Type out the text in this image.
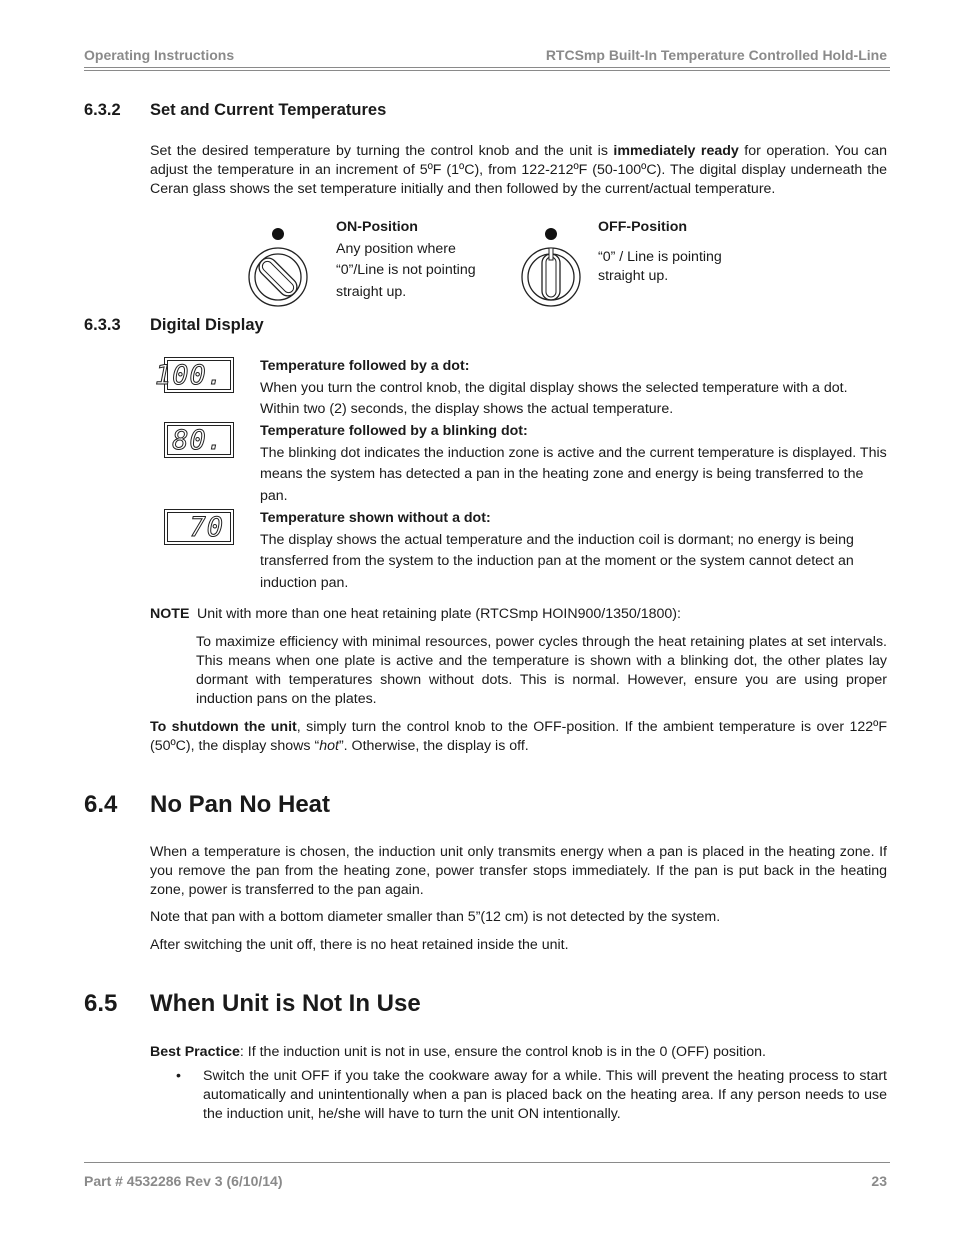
Operating Instructions	RTCSmp Built-In Temperature Controlled Hold-Line
6.3.2 Set and Current Temperatures
Set the desired temperature by turning the control knob and the unit is immediately ready for operation. You can adjust the temperature in an increment of 5ºF (1ºC), from 122-212ºF (50-100ºC). The digital display underneath the Ceran glass shows the set temperature initially and then followed by the current/actual temperature.
ON-Position
Any position where “0”/Line is not pointing straight up.
OFF-Position
“0” / Line is pointing straight up.
6.3.3 Digital Display
100.	Temperature followed by a dot:
When you turn the control knob, the digital display shows the selected temperature with a dot. Within two (2) seconds, the display shows the actual temperature.
80.	Temperature followed by a blinking dot:
The blinking dot indicates the induction zone is active and the current temperature is displayed. This means the system has detected a pan in the heating zone and energy is being transferred to the pan.
70	Temperature shown without a dot:
The display shows the actual temperature and the induction coil is dormant; no energy is being transferred from the system to the induction pan at the moment or the system cannot detect an induction pan.
NOTE Unit with more than one heat retaining plate (RTCSmp HOIN900/1350/1800):
To maximize efficiency with minimal resources, power cycles through the heat retaining plates at set intervals. This means when one plate is active and the temperature is shown with a blinking dot, the other plates lay dormant with temperatures shown without dots. This is normal. However, ensure you are using proper induction pans on the plates.
To shutdown the unit, simply turn the control knob to the OFF-position. If the ambient temperature is over 122ºF (50ºC), the display shows “hot”. Otherwise, the display is off.
6.4 No Pan No Heat
When a temperature is chosen, the induction unit only transmits energy when a pan is placed in the heating zone. If you remove the pan from the heating zone, power transfer stops immediately. If the pan is put back in the heating zone, power is transferred to the pan again.
Note that pan with a bottom diameter smaller than 5”(12 cm) is not detected by the system.
After switching the unit off, there is no heat retained inside the unit.
6.5 When Unit is Not In Use
Best Practice: If the induction unit is not in use, ensure the control knob is in the 0 (OFF) position.
• Switch the unit OFF if you take the cookware away for a while. This will prevent the heating process to start automatically and unintentionally when a pan is placed back on the heating area. If any person needs to use the induction unit, he/she will have to turn the unit ON intentionally.
Part # 4532286 Rev 3 (6/10/14)	23
